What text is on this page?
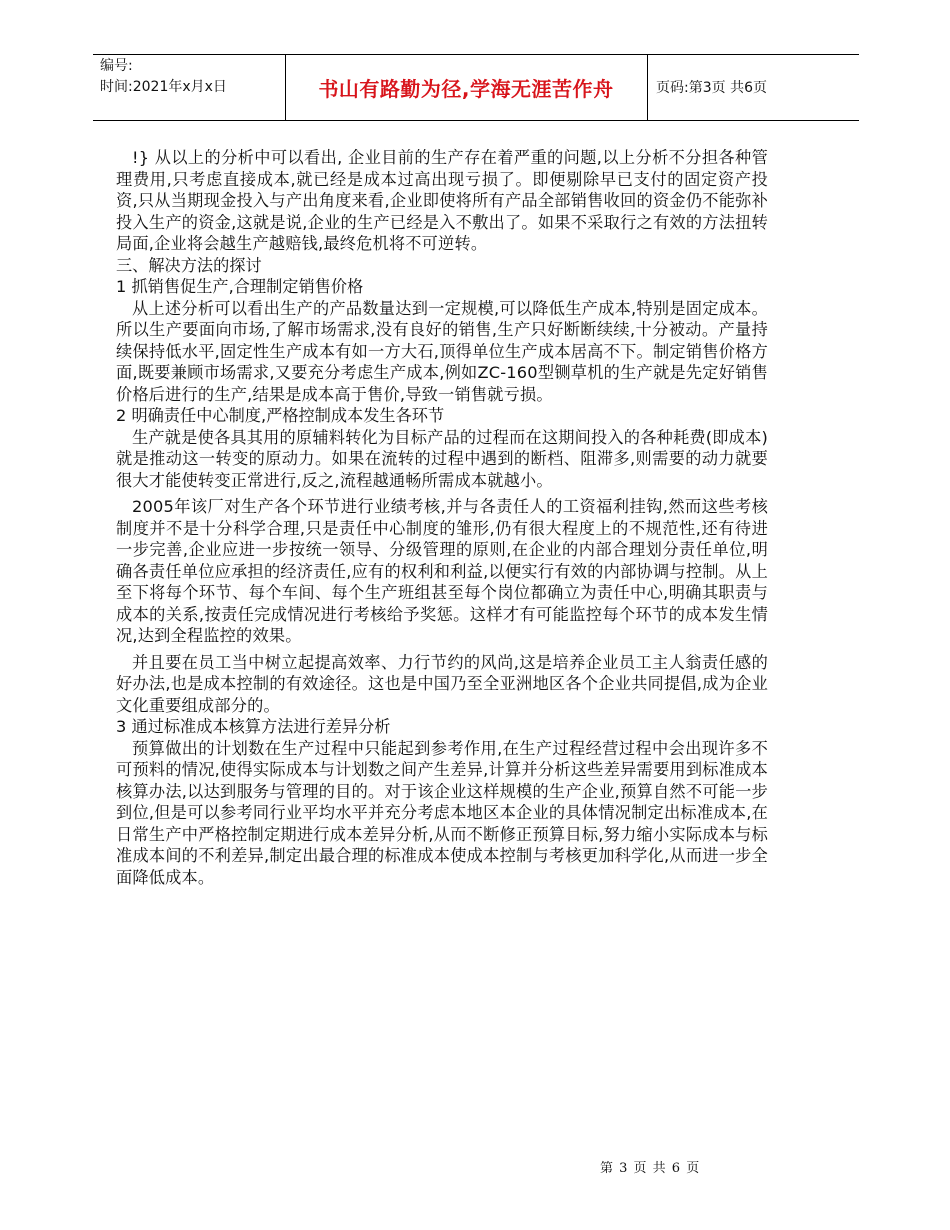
编号:
时间:2021年x月x日	书山有路勤为径,学海无涯苦作舟	页码:第3页 共6页

!} 从以上的分析中可以看出, 企业目前的生产存在着严重的问题,以上分析不分担各种管理费用,只考虑直接成本,就已经是成本过高出现亏损了。即便剔除早已支付的固定资产投资,只从当期现金投入与产出角度来看,企业即使将所有产品全部销售收回的资金仍不能弥补投入生产的资金,这就是说,企业的生产已经是入不敷出了。如果不采取行之有效的方法扭转局面,企业将会越生产越赔钱,最终危机将不可逆转。

三、解决方法的探讨

1 抓销售促生产,合理制定销售价格

从上述分析可以看出生产的产品数量达到一定规模,可以降低生产成本,特别是固定成本。所以生产要面向市场,了解市场需求,没有良好的销售,生产只好断断续续,十分被动。产量持续保持低水平,固定性生产成本有如一方大石,顶得单位生产成本居高不下。制定销售价格方面,既要兼顾市场需求,又要充分考虑生产成本,例如ZC-160型铡草机的生产就是先定好销售价格后进行的生产,结果是成本高于售价,导致一销售就亏损。

2 明确责任中心制度,严格控制成本发生各环节

生产就是使各具其用的原辅料转化为目标产品的过程而在这期间投入的各种耗费(即成本)就是推动这一转变的原动力。如果在流转的过程中遇到的断档、阻滞多,则需要的动力就要很大才能使转变正常进行,反之,流程越通畅所需成本就越小。

2005年该厂对生产各个环节进行业绩考核,并与各责任人的工资福利挂钩,然而这些考核制度并不是十分科学合理,只是责任中心制度的雏形,仍有很大程度上的不规范性,还有待进一步完善,企业应进一步按统一领导、分级管理的原则,在企业的内部合理划分责任单位,明确各责任单位应承担的经济责任,应有的权利和利益,以便实行有效的内部协调与控制。从上至下将每个环节、每个车间、每个生产班组甚至每个岗位都确立为责任中心,明确其职责与成本的关系,按责任完成情况进行考核给予奖惩。这样才有可能监控每个环节的成本发生情况,达到全程监控的效果。

并且要在员工当中树立起提高效率、力行节约的风尚,这是培养企业员工主人翁责任感的好办法,也是成本控制的有效途径。这也是中国乃至全亚洲地区各个企业共同提倡,成为企业文化重要组成部分的。

3 通过标准成本核算方法进行差异分析

预算做出的计划数在生产过程中只能起到参考作用,在生产过程经营过程中会出现许多不可预料的情况,使得实际成本与计划数之间产生差异,计算并分析这些差异需要用到标准成本核算办法,以达到服务与管理的目的。对于该企业这样规模的生产企业,预算自然不可能一步到位,但是可以参考同行业平均水平并充分考虑本地区本企业的具体情况制定出标准成本,在日常生产中严格控制定期进行成本差异分析,从而不断修正预算目标,努力缩小实际成本与标准成本间的不利差异,制定出最合理的标准成本使成本控制与考核更加科学化,从而进一步全面降低成本。

第 3 页 共 6 页
